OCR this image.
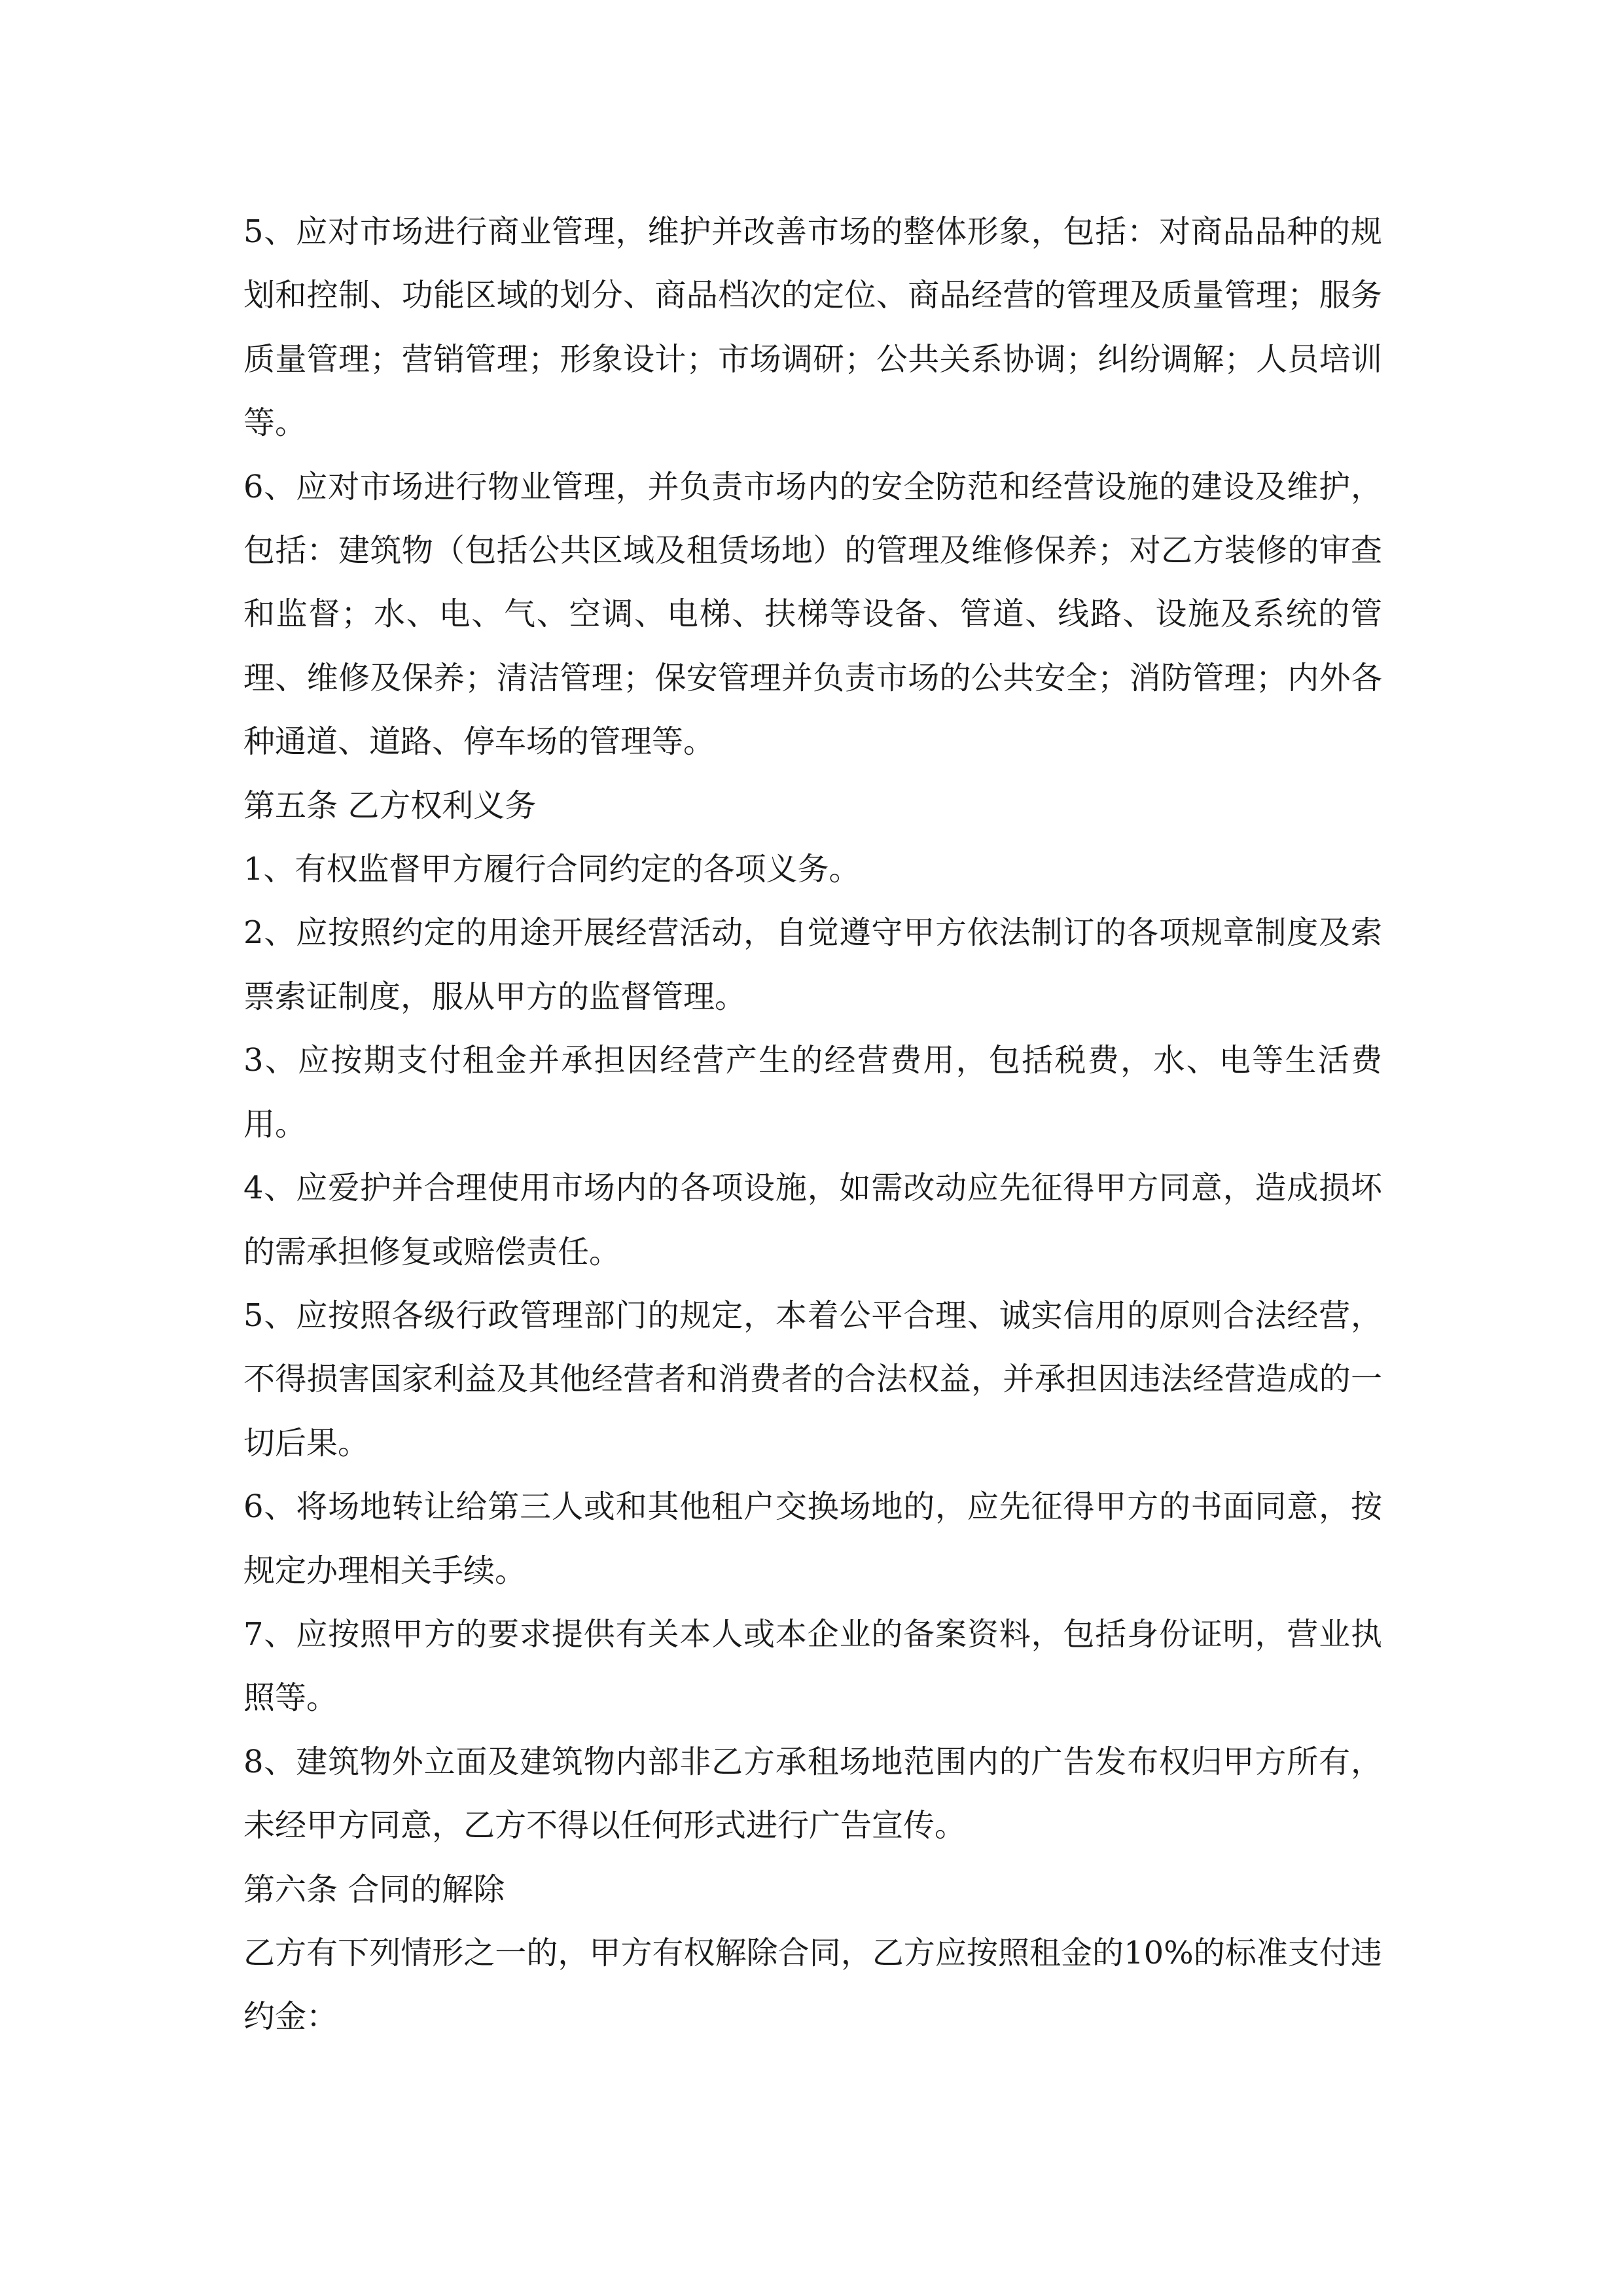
5、应对市场进行商业管理，维护并改善市场的整体形象，包括：对商品品种的规划和控制、功能区域的划分、商品档次的定位、商品经营的管理及质量管理；服务质量管理；营销管理；形象设计；市场调研；公共关系协调；纠纷调解；人员培训等。

6、应对市场进行物业管理，并负责市场内的安全防范和经营设施的建设及维护，包括：建筑物（包括公共区域及租赁场地）的管理及维修保养；对乙方装修的审查和监督；水、电、气、空调、电梯、扶梯等设备、管道、线路、设施及系统的管理、维修及保养；清洁管理；保安管理并负责市场的公共安全；消防管理；内外各种通道、道路、停车场的管理等。

第五条 乙方权利义务

1、有权监督甲方履行合同约定的各项义务。

2、应按照约定的用途开展经营活动，自觉遵守甲方依法制订的各项规章制度及索票索证制度，服从甲方的监督管理。

3、应按期支付租金并承担因经营产生的经营费用，包括税费，水、电等生活费用。

4、应爱护并合理使用市场内的各项设施，如需改动应先征得甲方同意，造成损坏的需承担修复或赔偿责任。

5、应按照各级行政管理部门的规定，本着公平合理、诚实信用的原则合法经营，不得损害国家利益及其他经营者和消费者的合法权益，并承担因违法经营造成的一切后果。

6、将场地转让给第三人或和其他租户交换场地的，应先征得甲方的书面同意，按规定办理相关手续。

7、应按照甲方的要求提供有关本人或本企业的备案资料，包括身份证明，营业执照等。

8、建筑物外立面及建筑物内部非乙方承租场地范围内的广告发布权归甲方所有，未经甲方同意，乙方不得以任何形式进行广告宣传。

第六条 合同的解除

乙方有下列情形之一的，甲方有权解除合同，乙方应按照租金的10%的标准支付违约金：
